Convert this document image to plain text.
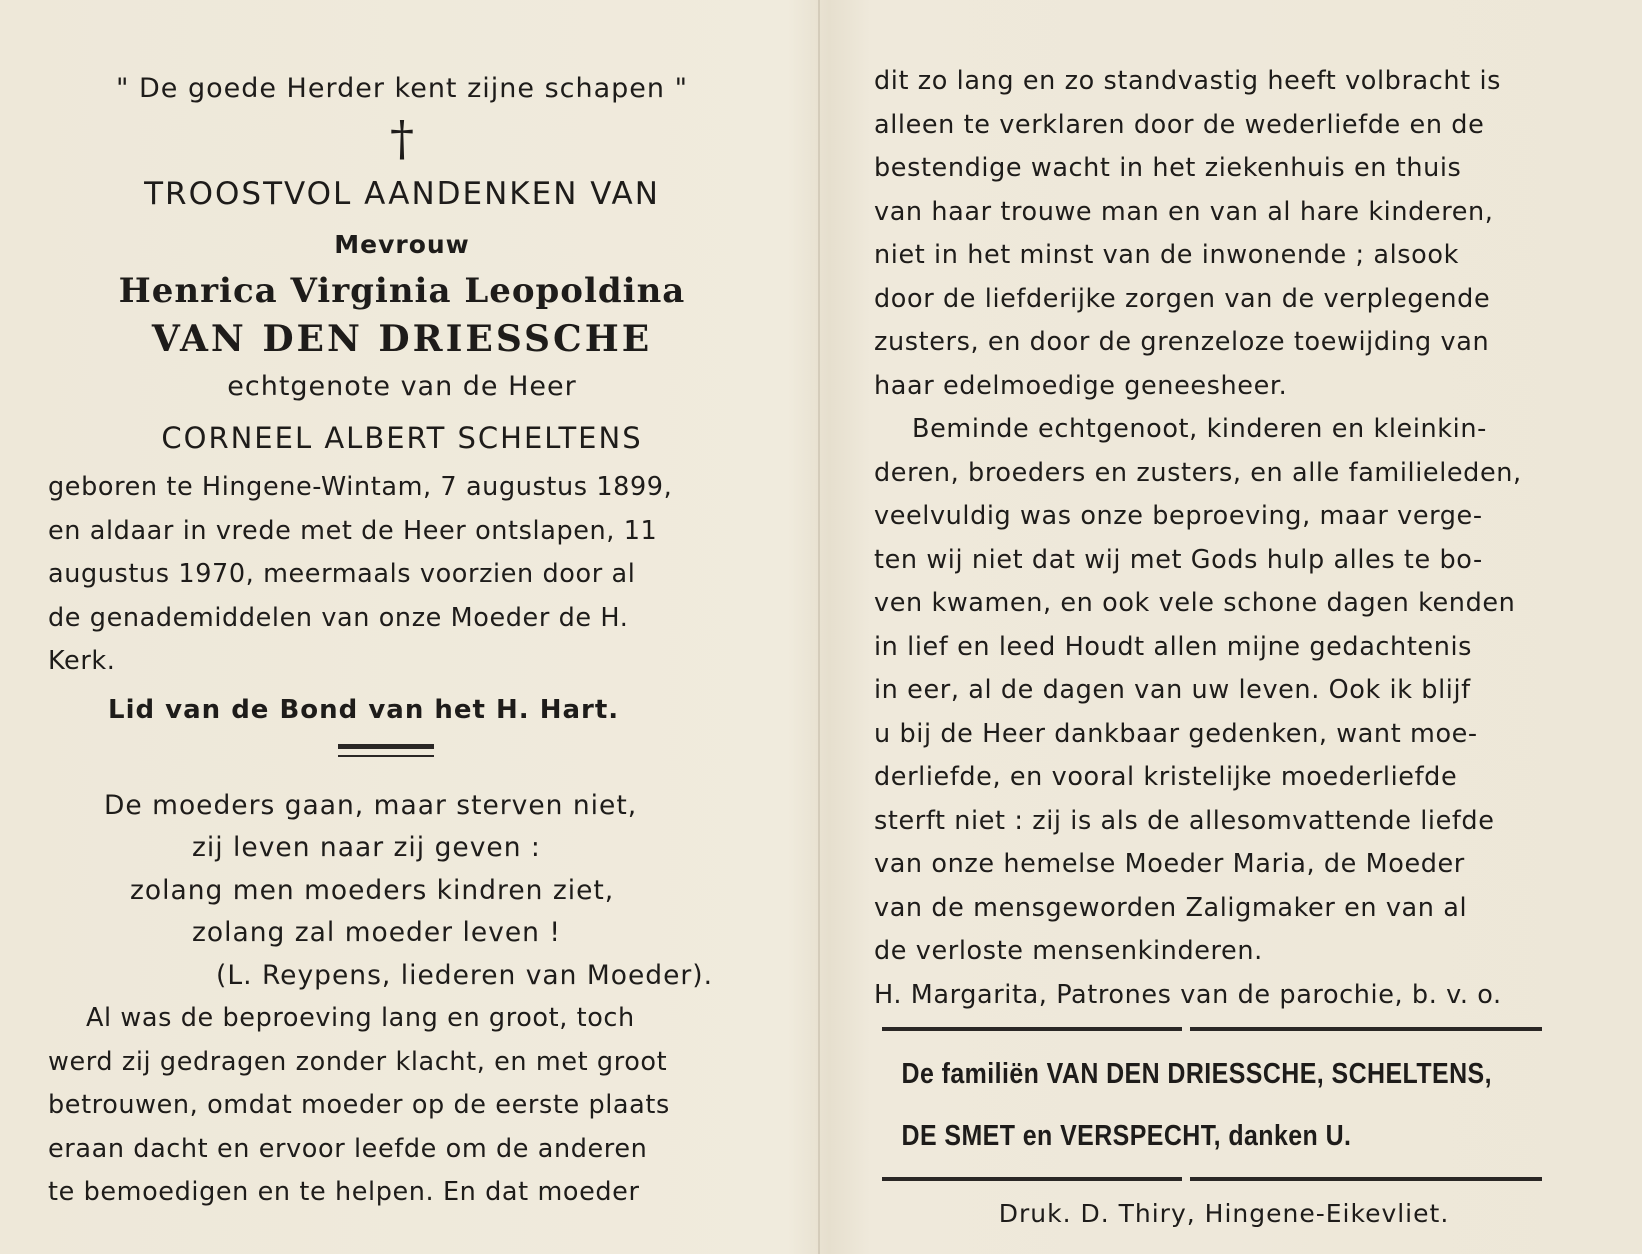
" De goede Herder kent zijne schapen "
†
TROOSTVOL AANDENKEN VAN
Mevrouw
Henrica Virginia Leopoldina
VAN DEN DRIESSCHE
echtgenote van de Heer
CORNEEL ALBERT SCHELTENS
geboren te Hingene-Wintam, 7 augustus 1899,
en aldaar in vrede met de Heer ontslapen, 11
augustus 1970, meermaals voorzien door al
de genademiddelen van onze Moeder de H.
Kerk.
Lid van de Bond van het H. Hart.
De moeders gaan, maar sterven niet,
zij leven naar zij geven :
zolang men moeders kindren ziet,
zolang zal moeder leven !
(L. Reypens, liederen van Moeder).
Al was de beproeving lang en groot, toch
werd zij gedragen zonder klacht, en met groot
betrouwen, omdat moeder op de eerste plaats
eraan dacht en ervoor leefde om de anderen
te bemoedigen en te helpen. En dat moeder
dit zo lang en zo standvastig heeft volbracht is
alleen te verklaren door de wederliefde en de
bestendige wacht in het ziekenhuis en thuis
van haar trouwe man en van al hare kinderen,
niet in het minst van de inwonende ; alsook
door de liefderijke zorgen van de verplegende
zusters, en door de grenzeloze toewijding van
haar edelmoedige geneesheer.
Beminde echtgenoot, kinderen en kleinkin-
deren, broeders en zusters, en alle familieleden,
veelvuldig was onze beproeving, maar verge-
ten wij niet dat wij met Gods hulp alles te bo-
ven kwamen, en ook vele schone dagen kenden
in lief en leed Houdt allen mijne gedachtenis
in eer, al de dagen van uw leven. Ook ik blijf
u bij de Heer dankbaar gedenken, want moe-
derliefde, en vooral kristelijke moederliefde
sterft niet : zij is als de allesomvattende liefde
van onze hemelse Moeder Maria, de Moeder
van de mensgeworden Zaligmaker en van al
de verloste mensenkinderen.
H. Margarita, Patrones van de parochie, b. v. o.
De familiën VAN DEN DRIESSCHE, SCHELTENS,
DE SMET en VERSPECHT, danken U.
Druk. D. Thiry, Hingene-Eikevliet.
